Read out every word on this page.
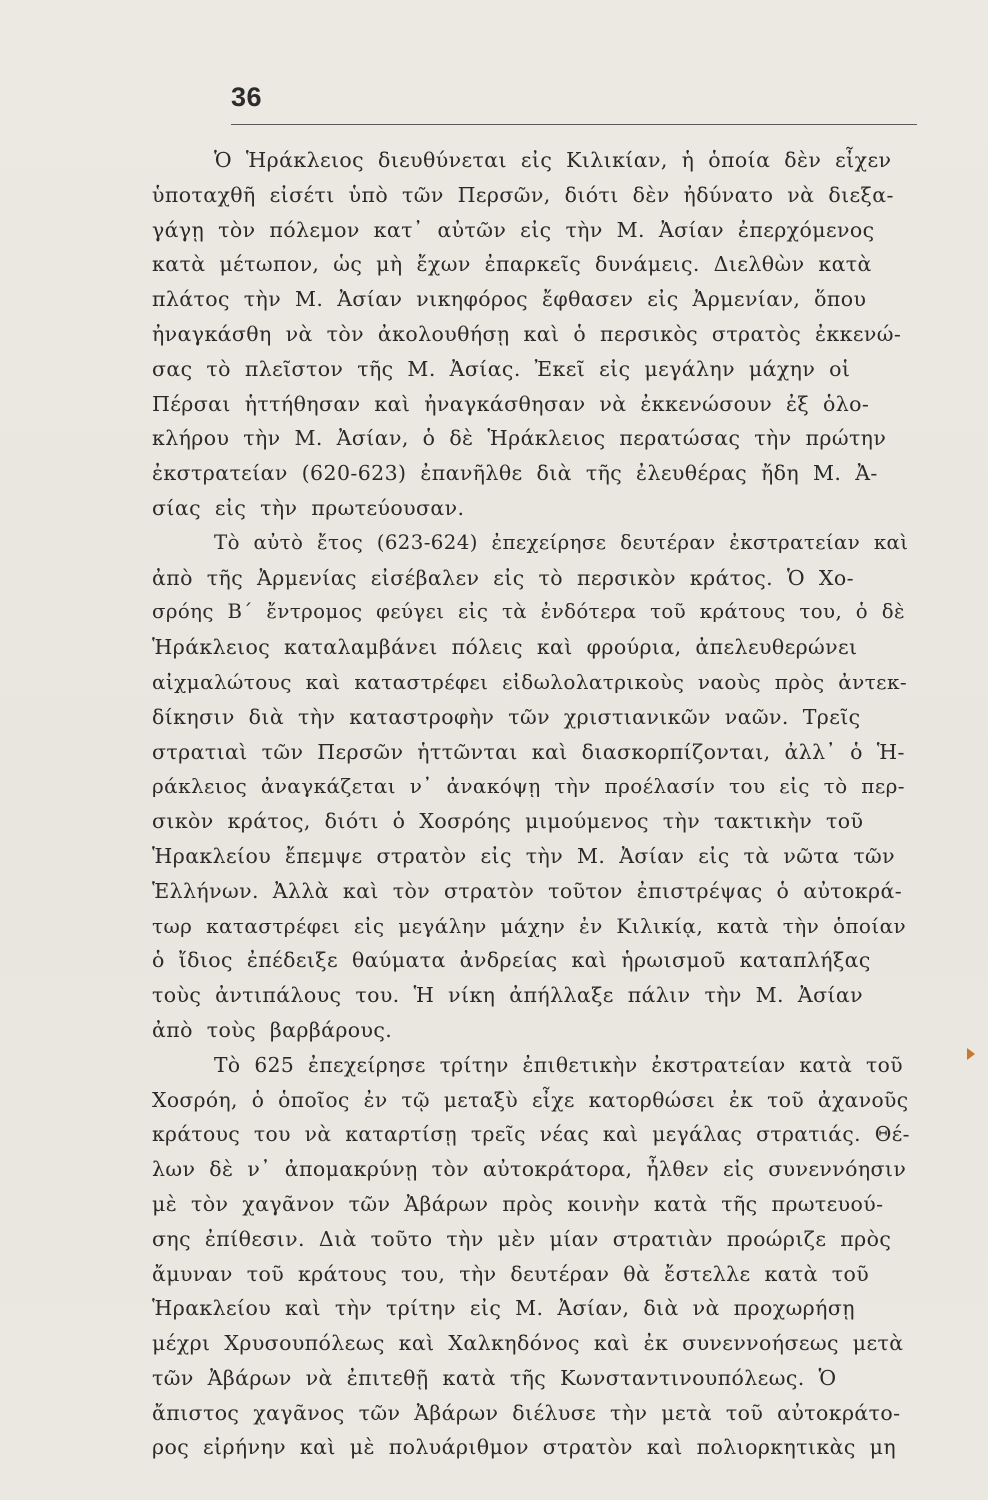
36
Ὁ Ἡράκλειος διευθύνεται εἰς Κιλικίαν, ἡ ὁποία δὲν εἶχεν
ὑποταχθῆ εἰσέτι ὑπὸ τῶν Περσῶν, διότι δὲν ἠδύνατο νὰ διεξα-
γάγῃ τὸν πόλεμον κατ᾿ αὐτῶν εἰς τὴν Μ. Ἀσίαν ἐπερχόμενος
κατὰ μέτωπον, ὡς μὴ ἔχων ἐπαρκεῖς δυνάμεις. Διελθὼν κατὰ
πλάτος τὴν Μ. Ἀσίαν νικηφόρος ἔφθασεν εἰς Ἀρμενίαν, ὅπου
ἠναγκάσθη νὰ τὸν ἀκολουθήσῃ καὶ ὁ περσικὸς στρατὸς ἐκκενώ-
σας τὸ πλεῖστον τῆς Μ. Ἀσίας. Ἐκεῖ εἰς μεγάλην μάχην οἱ
Πέρσαι ἡττήθησαν καὶ ἠναγκάσθησαν νὰ ἐκκενώσουν ἐξ ὁλο-
κλήρου τὴν Μ. Ἀσίαν, ὁ δὲ Ἡράκλειος περατώσας τὴν πρώτην
ἐκστρατείαν (620-623) ἐπανῆλθε διὰ τῆς ἐλευθέρας ἤδη Μ. Ἀ-
σίας εἰς τὴν πρωτεύουσαν.
Τὸ αὐτὸ ἔτος (623-624) ἐπεχείρησε δευτέραν ἐκστρατείαν καὶ
ἀπὸ τῆς Ἀρμενίας εἰσέβαλεν εἰς τὸ περσικὸν κράτος. Ὁ Χο-
σρόης Β΄ ἔντρομος φεύγει εἰς τὰ ἐνδότερα τοῦ κράτους του, ὁ δὲ
Ἡράκλειος καταλαμβάνει πόλεις καὶ φρούρια, ἀπελευθερώνει
αἰχμαλώτους καὶ καταστρέφει εἰδωλολατρικοὺς ναοὺς πρὸς ἀντεκ-
δίκησιν διὰ τὴν καταστροφὴν τῶν χριστιανικῶν ναῶν. Τρεῖς
στρατιαὶ τῶν Περσῶν ἡττῶνται καὶ διασκορπίζονται, ἀλλ᾿ ὁ Ἡ-
ράκλειος ἀναγκάζεται ν᾿ ἀνακόψῃ τὴν προέλασίν του εἰς τὸ περ-
σικὸν κράτος, διότι ὁ Χοσρόης μιμούμενος τὴν τακτικὴν τοῦ
Ἡρακλείου ἔπεμψε στρατὸν εἰς τὴν Μ. Ἀσίαν εἰς τὰ νῶτα τῶν
Ἑλλήνων. Ἀλλὰ καὶ τὸν στρατὸν τοῦτον ἐπιστρέψας ὁ αὐτοκρά-
τωρ καταστρέφει εἰς μεγάλην μάχην ἐν Κιλικίᾳ, κατὰ τὴν ὁποίαν
ὁ ἴδιος ἐπέδειξε θαύματα ἀνδρείας καὶ ἡρωισμοῦ καταπλήξας
τοὺς ἀντιπάλους του. Ἡ νίκη ἀπήλλαξε πάλιν τὴν Μ. Ἀσίαν
ἀπὸ τοὺς βαρβάρους.
Τὸ 625 ἐπεχείρησε τρίτην ἐπιθετικὴν ἐκστρατείαν κατὰ τοῦ
Χοσρόη, ὁ ὁποῖος ἐν τῷ μεταξὺ εἶχε κατορθώσει ἐκ τοῦ ἀχανοῦς
κράτους του νὰ καταρτίσῃ τρεῖς νέας καὶ μεγάλας στρατιάς. Θέ-
λων δὲ ν᾿ ἀπομακρύνῃ τὸν αὐτοκράτορα, ἦλθεν εἰς συνεννόησιν
μὲ τὸν χαγᾶνον τῶν Ἀβάρων πρὸς κοινὴν κατὰ τῆς πρωτευού-
σης ἐπίθεσιν. Διὰ τοῦτο τὴν μὲν μίαν στρατιὰν προώριζε πρὸς
ἄμυναν τοῦ κράτους του, τὴν δευτέραν θὰ ἔστελλε κατὰ τοῦ
Ἡρακλείου καὶ τὴν τρίτην εἰς Μ. Ἀσίαν, διὰ νὰ προχωρήσῃ
μέχρι Χρυσουπόλεως καὶ Χαλκηδόνος καὶ ἐκ συνεννοήσεως μετὰ
τῶν Ἀβάρων νὰ ἐπιτεθῇ κατὰ τῆς Κωνσταντινουπόλεως. Ὁ
ἄπιστος χαγᾶνος τῶν Ἀβάρων διέλυσε τὴν μετὰ τοῦ αὐτοκράτο-
ρος εἰρήνην καὶ μὲ πολυάριθμον στρατὸν καὶ πολιορκητικὰς μη
